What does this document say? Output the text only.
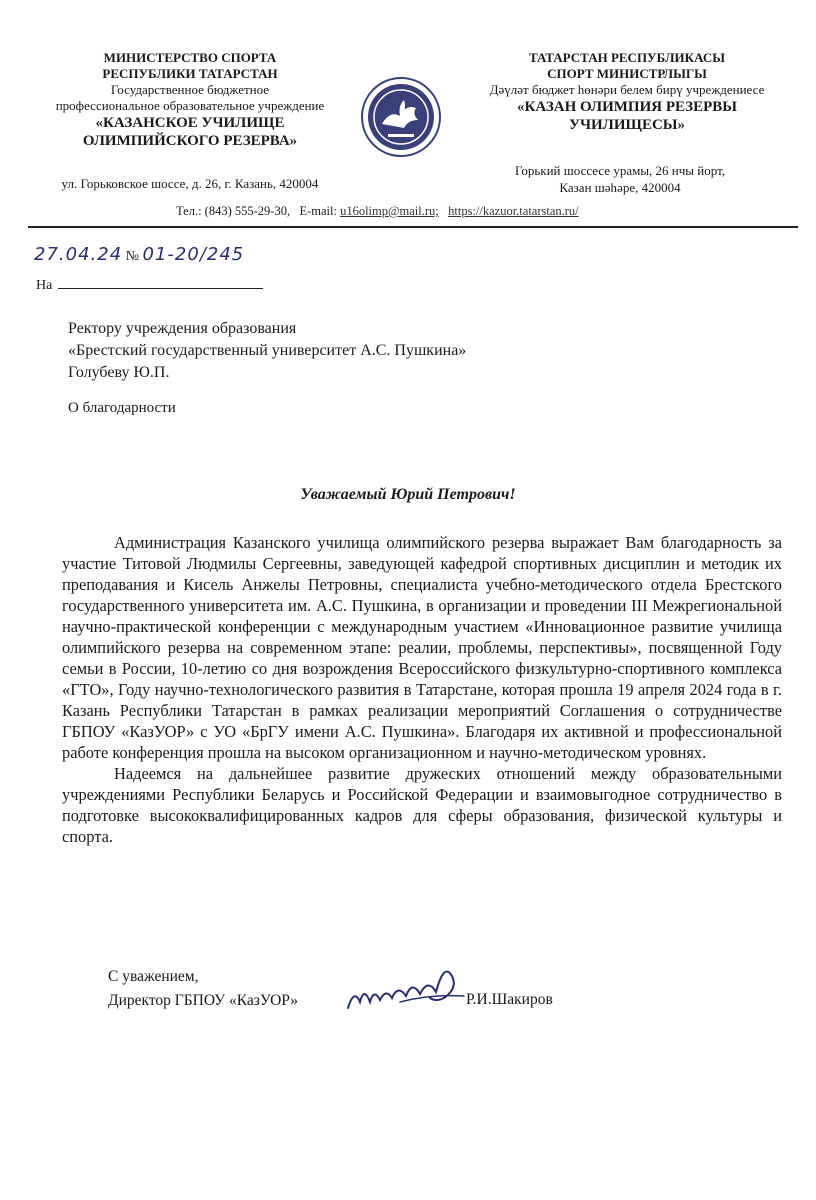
МИНИСТЕРСТВО СПОРТА
РЕСПУБЛИКИ ТАТАРСТАН
Государственное бюджетное
профессиональное образовательное учреждение
«КАЗАНСКОЕ УЧИЛИЩЕ
ОЛИМПИЙСКОГО РЕЗЕРВА»
ул. Горьковское шоссе, д. 26, г. Казань, 420004
ТАТАРСТАН РЕСПУБЛИКАСЫ
СПОРТ МИНИСТРЛЫГЫ
Дәүләт бюджет һөнәри белем бирү учреждениесе
«КАЗАН ОЛИМПИЯ РЕЗЕРВЫ
УЧИЛИЩЕСЫ»
Горький шоссесе урамы, 26 нчы йорт,
Казан шәһәре, 420004
Тел.: (843) 555-29-30, E-mail: u16olimp@mail.ru; https://kazuor.tatarstan.ru/
27.04.24 № 01-20/245
На
Ректору учреждения образования
«Брестский государственный университет А.С. Пушкина»
Голубеву Ю.П.
О благодарности
Уважаемый Юрий Петрович!

Администрация Казанского училища олимпийского резерва выражает Вам благодарность за участие Титовой Людмилы Сергеевны, заведующей кафедрой спортивных дисциплин и методик их преподавания и Кисель Анжелы Петровны, специалиста учебно-методического отдела Брестского государственного университета им. А.С. Пушкина, в организации и проведении III Межрегиональной научно-практической конференции с международным участием «Инновационное развитие училища олимпийского резерва на современном этапе: реалии, проблемы, перспективы», посвященной Году семьи в России, 10-летию со дня возрождения Всероссийского физкультурно-спортивного комплекса «ГТО», Году научно-технологического развития в Татарстане, которая прошла 19 апреля 2024 года в г. Казань Республики Татарстан в рамках реализации мероприятий Соглашения о сотрудничестве ГБПОУ «КазУОР» с УО «БрГУ имени А.С. Пушкина». Благодаря их активной и профессиональной работе конференция прошла на высоком организационном и научно-методическом уровнях.

Надеемся на дальнейшее развитие дружеских отношений между образовательными учреждениями Республики Беларусь и Российской Федерации и взаимовыгодное сотрудничество в подготовке высококвалифицированных кадров для сферы образования, физической культуры и спорта.

С уважением,
Директор ГБПОУ «КазУОР»	Р.И.Шакиров
